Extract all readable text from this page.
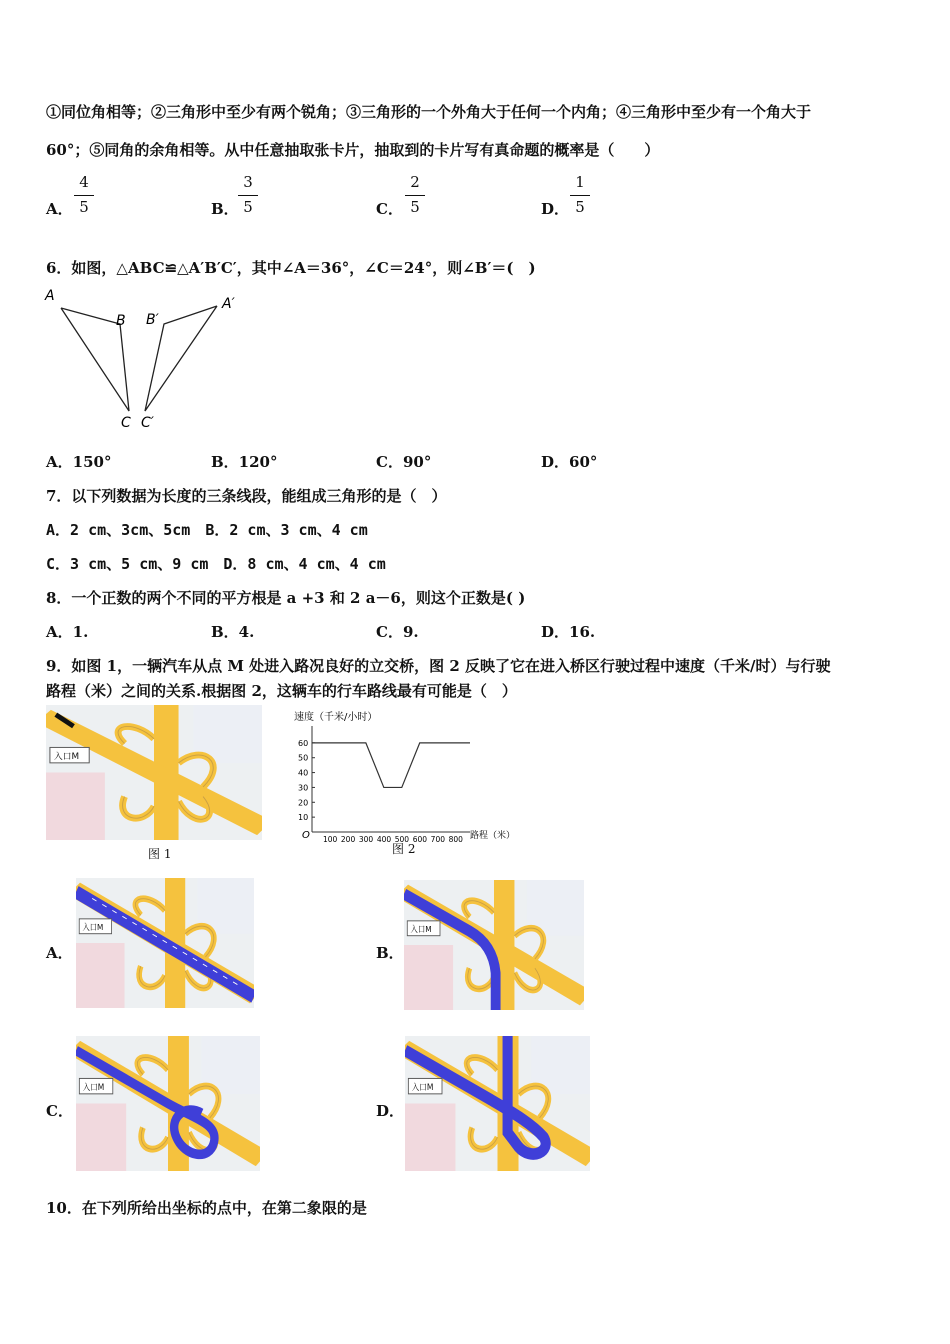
①同位角相等；②三角形中至少有两个锐角；③三角形的一个外角大于任何一个内角；④三角形中至少有一个角大于
60°；⑤同角的余角相等。从中任意抽取张卡片，抽取到的卡片写有真命题的概率是（　　）
A．
4
5	B．
3
5	C．
2
5	D．
1
5
6．如图，△ABC≌△A′B′C′，其中∠A＝36°，∠C＝24°，则∠B′＝(　)
A
B B′
A′
C C′
A．150°	B．120°	C．90°	D．60°
7．以下列数据为长度的三条线段，能组成三角形的是（　）
A．2 cm、3cm、5cm　B．2 cm、3 cm、4 cm
C．3 cm、5 cm、9 cm　D．8 cm、4 cm、4 cm
8．一个正数的两个不同的平方根是 a +3 和 2 a－6，则这个正数是( )
A．1.	B．4.	C．9.	D．16.
9．如图 1，一辆汽车从点 M 处进入路况良好的立交桥，图 2 反映了它在进入桥区行驶过程中速度（千米/时）与行驶
路程（米）之间的关系.根据图 2，这辆车的行车路线最有可能是（　）
入口M
图 1
速度（千米/小时）
O	路程（米）
10
20
30
40
50
60
100 200 300 400 500 600 700 800
图 2
A．
入口M
B．
入口M
C．
入口M
D．
入口M
10．在下列所给出坐标的点中，在第二象限的是
